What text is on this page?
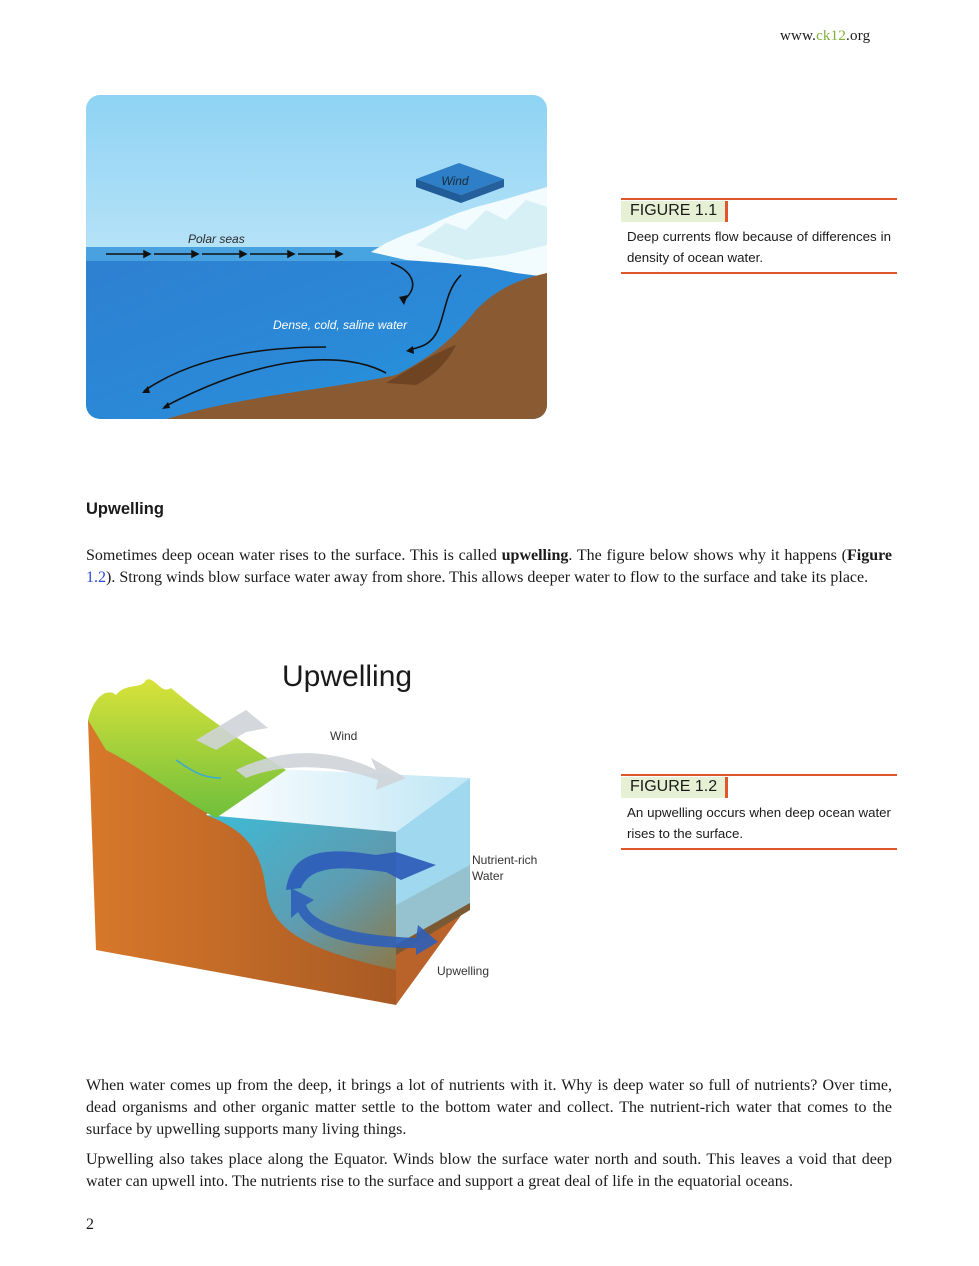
www.ck12.org
Wind
Polar seas
Dense, cold, saline water
FIGURE 1.1
Deep currents flow because of differences in density of ocean water.
Upwelling
Sometimes deep ocean water rises to the surface. This is called upwelling. The figure below shows why it happens (Figure 1.2). Strong winds blow surface water away from shore. This allows deeper water to flow to the surface and take its place.
Upwelling
Wind
Nutrient-rich
Water
Upwelling
FIGURE 1.2
An upwelling occurs when deep ocean water rises to the surface.
When water comes up from the deep, it brings a lot of nutrients with it. Why is deep water so full of nutrients? Over time, dead organisms and other organic matter settle to the bottom water and collect. The nutrient-rich water that comes to the surface by upwelling supports many living things.
Upwelling also takes place along the Equator. Winds blow the surface water north and south. This leaves a void that deep water can upwell into. The nutrients rise to the surface and support a great deal of life in the equatorial oceans.
2
